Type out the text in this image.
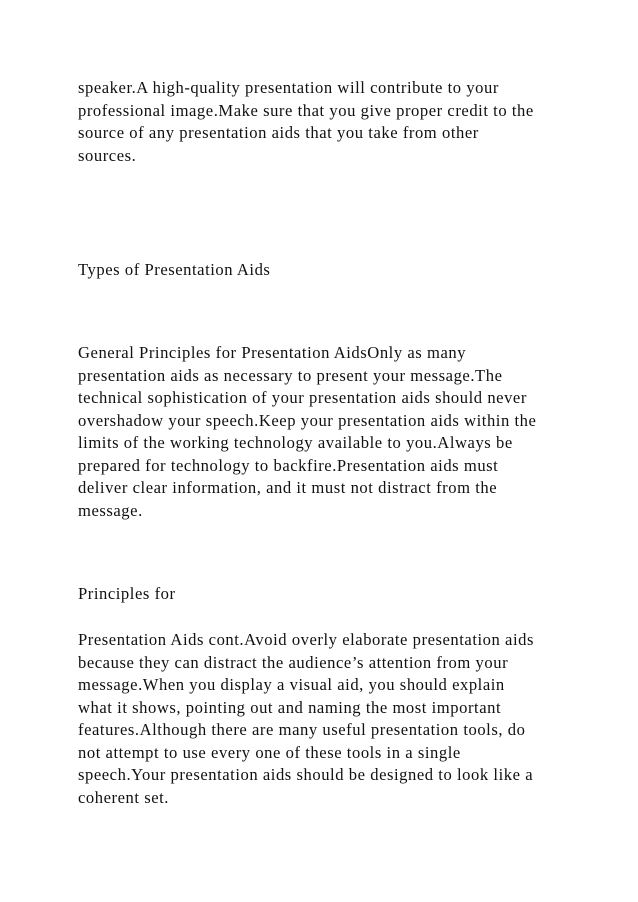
speaker.A high-quality presentation will contribute to your
professional image.Make sure that you give proper credit to the
source of any presentation aids that you take from other
sources.
Types of Presentation Aids
General Principles for Presentation AidsOnly as many
presentation aids as necessary to present your message.The
technical sophistication of your presentation aids should never
overshadow your speech.Keep your presentation aids within the
limits of the working technology available to you.Always be
prepared for technology to backfire.Presentation aids must
deliver clear information, and it must not distract from the
message.
Principles for
Presentation Aids cont.Avoid overly elaborate presentation aids
because they can distract the audience’s attention from your
message.When you display a visual aid, you should explain
what it shows, pointing out and naming the most important
features.Although there are many useful presentation tools, do
not attempt to use every one of these tools in a single
speech.Your presentation aids should be designed to look like a
coherent set.
